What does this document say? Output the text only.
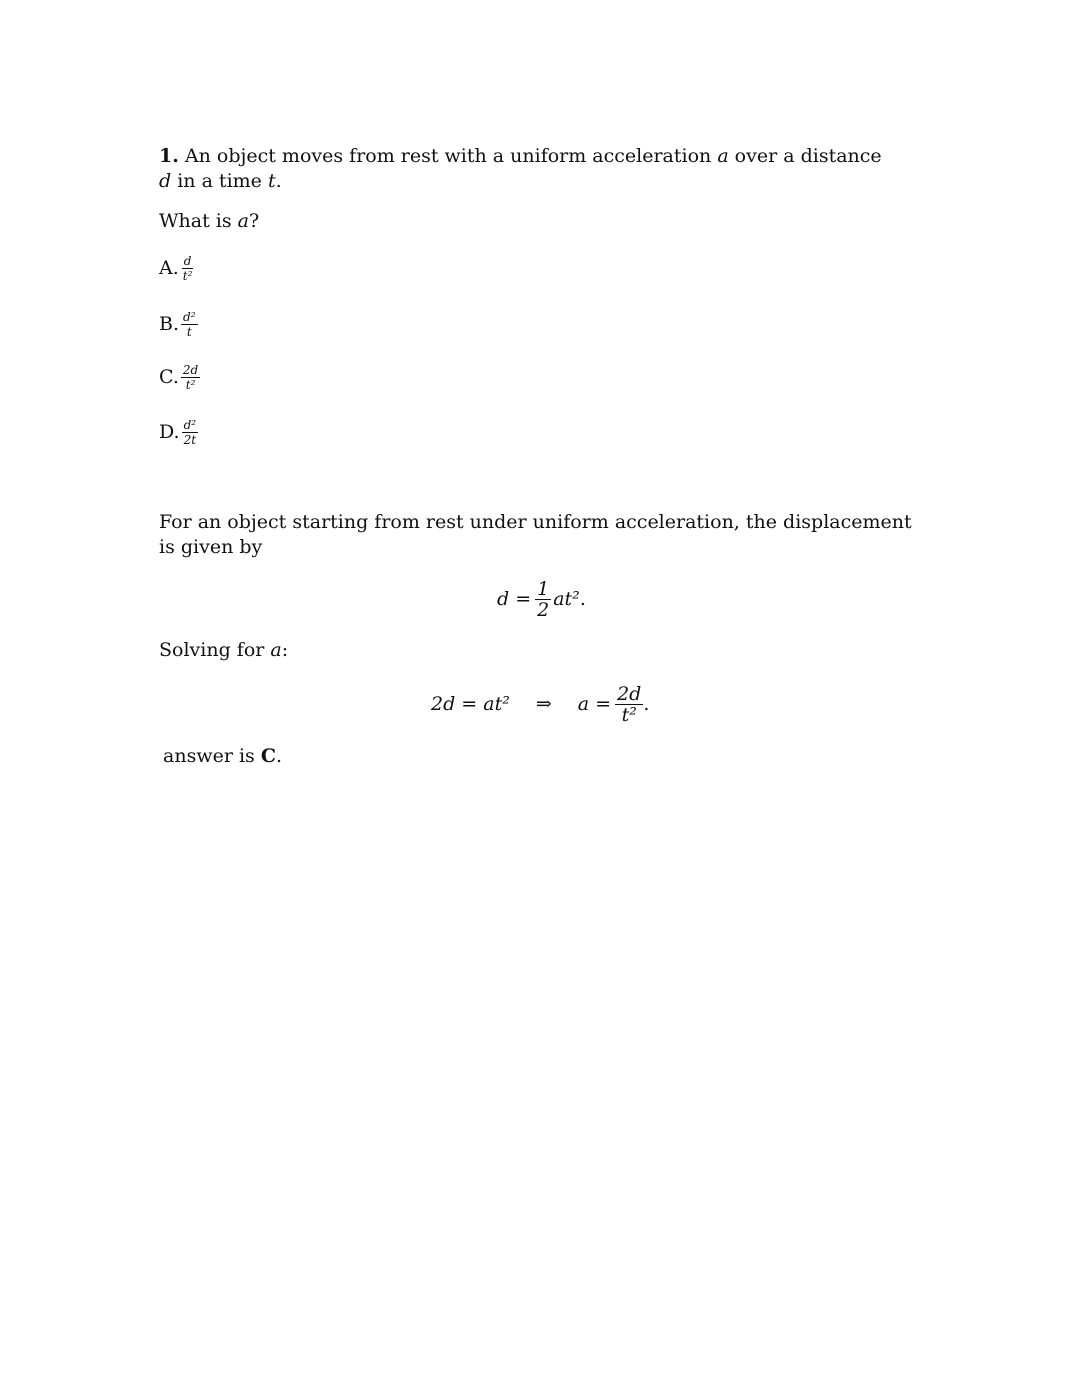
1. An object moves from rest with a uniform acceleration a over a distance d in a time t.
What is a?
A. $\frac{d}{\text{t²}}$
B. $\frac{\text{d²}}{t}$
C. $\frac{2d}{\text{t²}}$
D. $\frac{\text{d²}}{2t}$
For an object starting from rest under uniform acceleration, the displacement is given by
$d = \frac{1}{2} at^2$ .
Solving for a:
2d = at² ⇒ $a = \frac{2d}{\text{t²}}$ .
answer is C.
